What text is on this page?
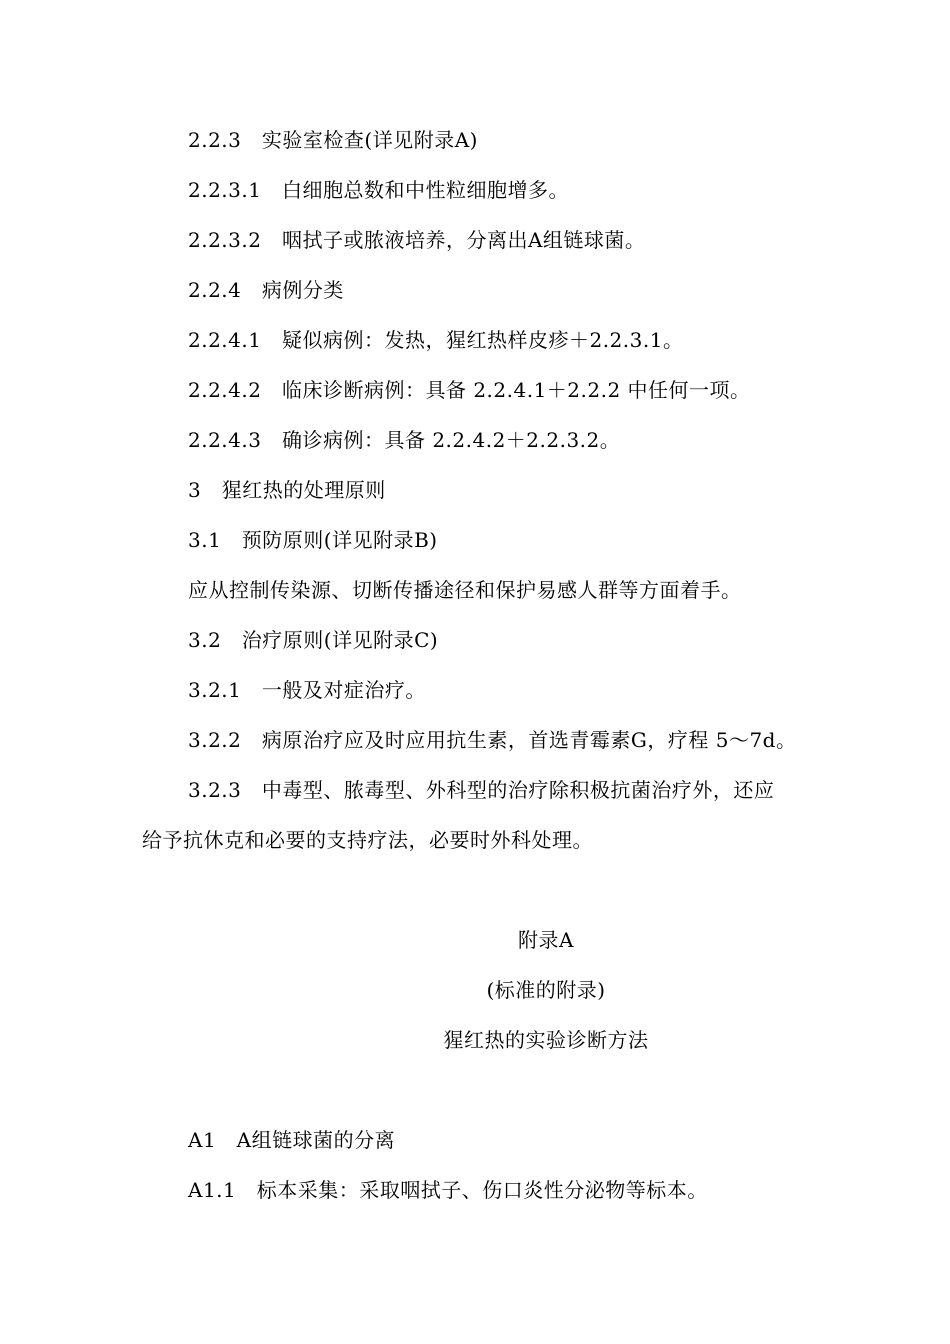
2.2.3　实验室检查(详见附录A)
2.2.3.1　白细胞总数和中性粒细胞增多。
2.2.3.2　咽拭子或脓液培养，分离出A组链球菌。
2.2.4　病例分类
2.2.4.1　疑似病例：发热，猩红热样皮疹＋2.2.3.1。
2.2.4.2　临床诊断病例：具备 2.2.4.1＋2.2.2 中任何一项。
2.2.4.3　确诊病例：具备 2.2.4.2＋2.2.3.2。
3　猩红热的处理原则
3.1　预防原则(详见附录B)
应从控制传染源、切断传播途径和保护易感人群等方面着手。
3.2　治疗原则(详见附录C)
3.2.1　一般及对症治疗。
3.2.2　病原治疗应及时应用抗生素，首选青霉素G，疗程 5～7d。
3.2.3　中毒型、脓毒型、外科型的治疗除积极抗菌治疗外，还应
给予抗休克和必要的支持疗法，必要时外科处理。
附录A
(标准的附录)
猩红热的实验诊断方法
A1　A组链球菌的分离
A1.1　标本采集：采取咽拭子、伤口炎性分泌物等标本。
